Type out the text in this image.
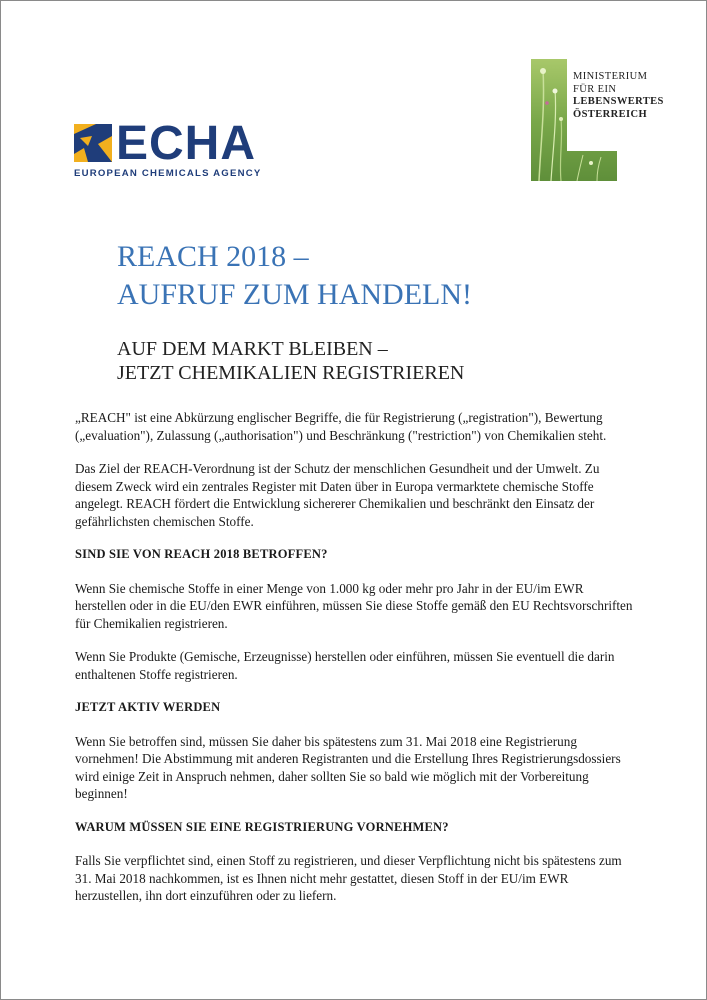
ECHA
EUROPEAN CHEMICALS AGENCY
MINISTERIUM
FÜR EIN
LEBENSWERTES
ÖSTERREICH
REACH 2018 –
AUFRUF ZUM HANDELN!
AUF DEM MARKT BLEIBEN –
JETZT CHEMIKALIEN REGISTRIEREN

„REACH" ist eine Abkürzung englischer Begriffe, die für Registrierung („registration"), Bewertung („evaluation"), Zulassung („authorisation") und Beschränkung ("restriction") von Chemikalien steht.

Das Ziel der REACH-Verordnung ist der Schutz der menschlichen Gesundheit und der Umwelt. Zu diesem Zweck wird ein zentrales Register mit Daten über in Europa vermarktete chemische Stoffe angelegt. REACH fördert die Entwicklung sichererer Chemikalien und beschränkt den Einsatz der gefährlichsten chemischen Stoffe.

SIND SIE VON REACH 2018 BETROFFEN?

Wenn Sie chemische Stoffe in einer Menge von 1.000 kg oder mehr pro Jahr in der EU/im EWR herstellen oder in die EU/den EWR einführen, müssen Sie diese Stoffe gemäß den EU Rechtsvorschriften für Chemikalien registrieren.

Wenn Sie Produkte (Gemische, Erzeugnisse) herstellen oder einführen, müssen Sie eventuell die darin enthaltenen Stoffe registrieren.

JETZT AKTIV WERDEN

Wenn Sie betroffen sind, müssen Sie daher bis spätestens zum 31. Mai 2018 eine Registrierung vornehmen! Die Abstimmung mit anderen Registranten und die Erstellung Ihres Registrierungsdossiers wird einige Zeit in Anspruch nehmen, daher sollten Sie so bald wie möglich mit der Vorbereitung beginnen!

WARUM MÜSSEN SIE EINE REGISTRIERUNG VORNEHMEN?

Falls Sie verpflichtet sind, einen Stoff zu registrieren, und dieser Verpflichtung nicht bis spätestens zum 31. Mai 2018 nachkommen, ist es Ihnen nicht mehr gestattet, diesen Stoff in der EU/im EWR herzustellen, ihn dort einzuführen oder zu liefern.
